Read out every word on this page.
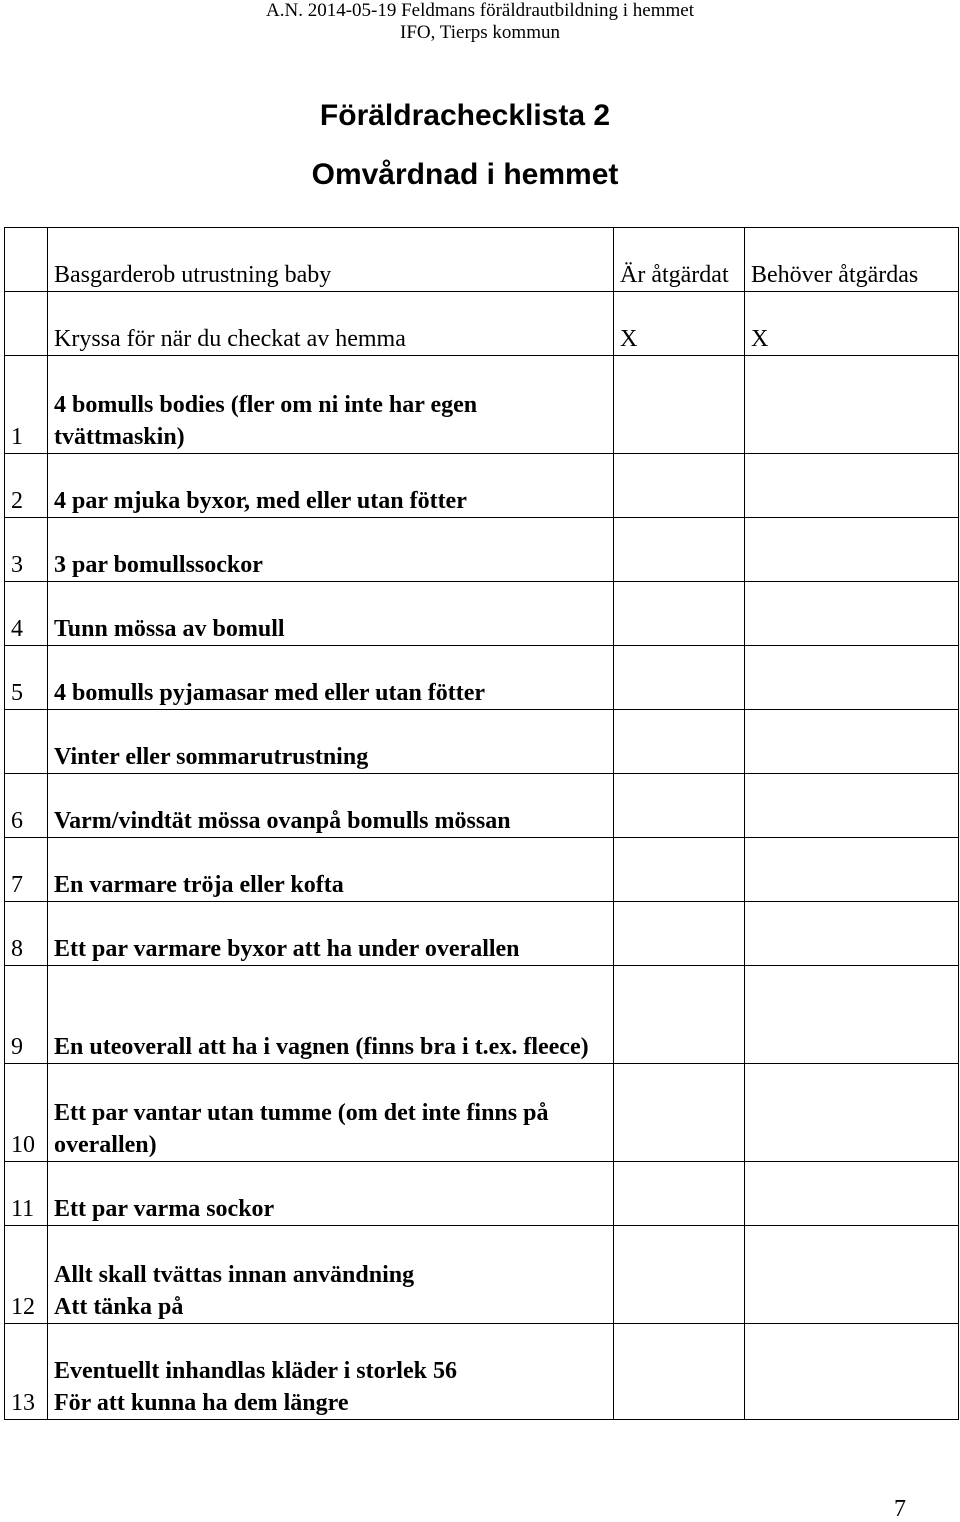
A.N. 2014-05-19 Feldmans föräldrautbildning i hemmet
IFO, Tierps kommun
Föräldrachecklista 2
Omvårdnad i hemmet
	Basgarderob utrustning baby	Är åtgärdat	Behöver åtgärdas
	Kryssa för när du checkat av hemma	X	X
1	4 bomulls bodies (fler om ni inte har egen tvättmaskin)		
2	4 par mjuka byxor, med eller utan fötter		
3	3 par bomullssockor		
4	Tunn mössa av bomull		
5	4 bomulls pyjamasar med eller utan fötter		
	Vinter eller sommarutrustning		
6	Varm/vindtät mössa ovanpå bomulls mössan		
7	En varmare tröja eller kofta		
8	Ett par varmare byxor att ha under overallen		
9	En uteoverall att ha i vagnen (finns bra i t.ex. fleece)		
10	Ett par vantar utan tumme (om det inte finns på overallen)		
11	Ett par varma sockor		
12	Allt skall tvättas innan användning
Att tänka på		

13	Eventuellt inhandlas kläder i storlek 56
För att kunna ha dem längre		

7
